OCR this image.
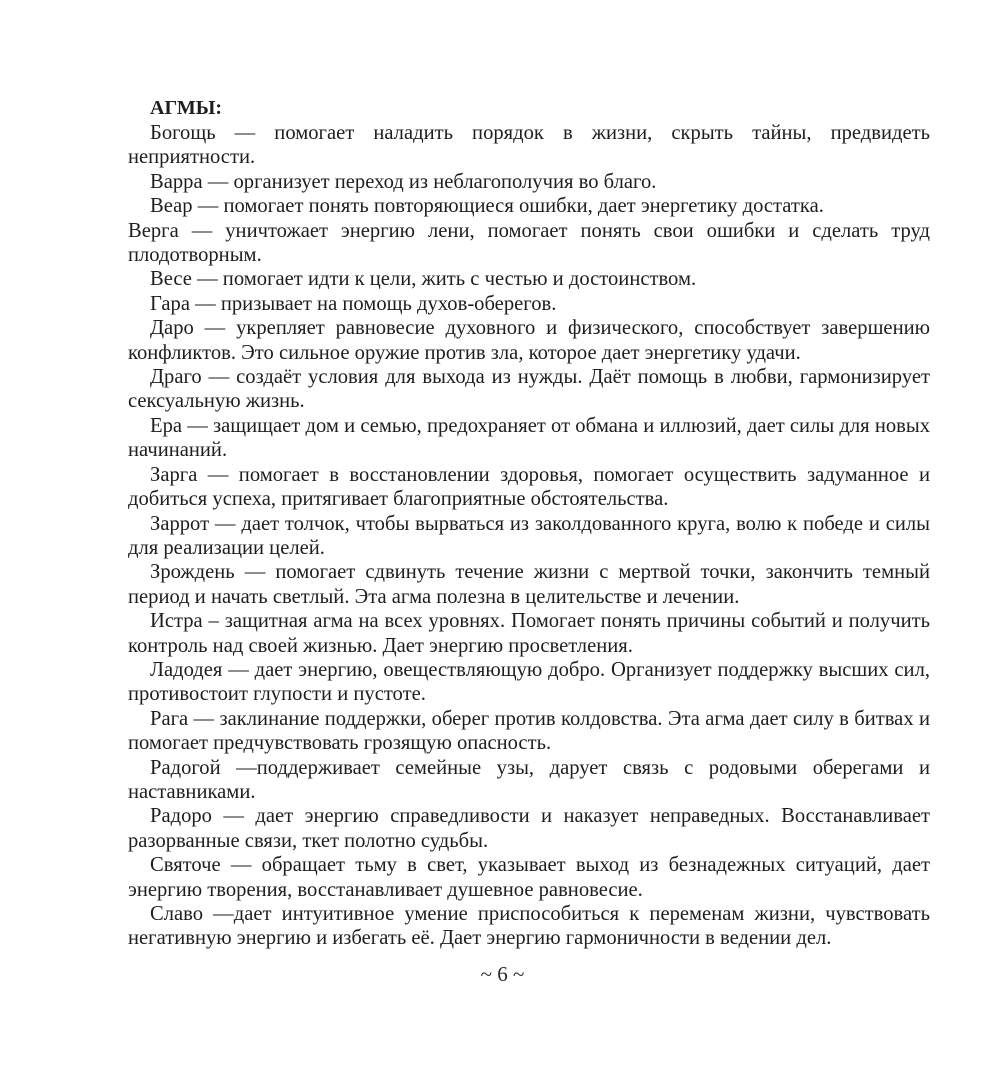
АГМЫ:

Богощь — помогает наладить порядок в жизни, скрыть тайны, предвидеть неприятности.

Варра — организует переход из неблагополучия во благо.

Веар — помогает понять повторяющиеся ошибки, дает энергетику достатка.

Верга — уничтожает энергию лени, помогает понять свои ошибки и сделать труд плодотворным.

Весе — помогает идти к цели, жить с честью и достоинством.

Гара — призывает на помощь духов-оберегов.

Даро — укрепляет равновесие духовного и физического, способствует завершению конфликтов. Это сильное оружие против зла, которое дает энергетику удачи.

Драго — создаёт условия для выхода из нужды. Даёт помощь в любви, гармонизирует сексуальную жизнь.

Ера — защищает дом и семью, предохраняет от обмана и иллюзий, дает силы для новых начинаний.

Зарга — помогает в восстановлении здоровья, помогает осуществить задуманное и добиться успеха, притягивает благоприятные обстоятельства.

Заррот — дает толчок, чтобы вырваться из заколдованного круга, волю к победе и силы для реализации целей.

Зрождень — помогает сдвинуть течение жизни с мертвой точки, закончить темный период и начать светлый. Эта агма полезна в целительстве и лечении.

Истра – защитная агма на всех уровнях. Помогает понять причины событий и получить контроль над своей жизнью. Дает энергию просветления.

Ладодея — дает энергию, овеществляющую добро. Организует поддержку высших сил, противостоит глупости и пустоте.

Рага — заклинание поддержки, оберег против колдовства. Эта агма дает силу в битвах и помогает предчувствовать грозящую опасность.

Радогой —поддерживает семейные узы, дарует связь с родовыми оберегами и наставниками.

Радоро — дает энергию справедливости и наказует неправедных. Восстанавливает разорванные связи, ткет полотно судьбы.

Святоче — обращает тьму в свет, указывает выход из безнадежных ситуаций, дает энергию творения, восстанавливает душевное равновесие.

Славо —дает интуитивное умение приспособиться к переменам жизни, чувствовать негативную энергию и избегать её. Дает энергию гармоничности в ведении дел.

~ 6 ~
